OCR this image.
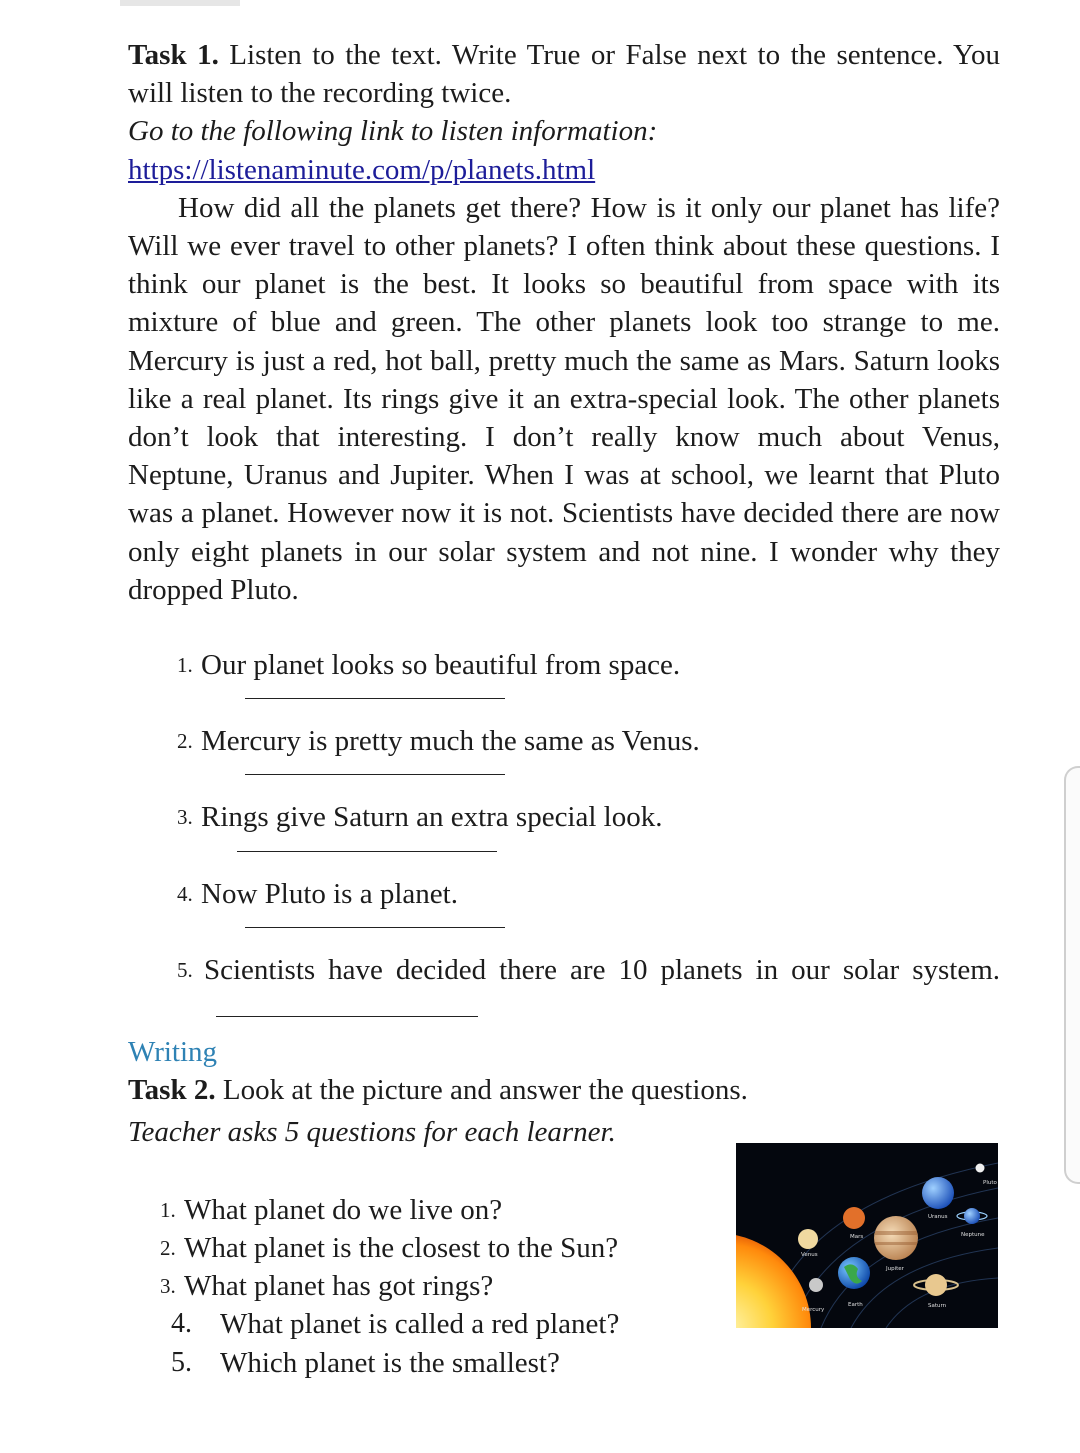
Task 1. Listen to the text. Write True or False next to the sentence. You will listen to the recording twice.

Go to the following link to listen information:

https://listenaminute.com/p/planets.html

How did all the planets get there? How is it only our planet has life? Will we ever travel to other planets? I often think about these questions. I think our planet is the best. It looks so beautiful from space with its mixture of blue and green. The other planets look too strange to me. Mercury is just a red, hot ball, pretty much the same as Mars. Saturn looks like a real planet. Its rings give it an extra-special look. The other planets don’t look that interesting. I don’t really know much about Venus, Neptune, Uranus and Jupiter. When I was at school, we learnt that Pluto was a planet. However now it is not. Scientists have decided there are now only eight planets in our solar system and not nine. I wonder why they dropped Pluto.

1. Our planet looks so beautiful from space.
2. Mercury is pretty much the same as Venus.
3. Rings give Saturn an extra special look.
4. Now Pluto is a planet.
5. Scientists have decided there are 10 planets in our solar system.

Writing

Task 2. Look at the picture and answer the questions.

Teacher asks 5 questions for each learner.

1. What planet do we live on?
2. What planet is the closest to the Sun?
3. What planet has got rings?
4. What planet is called a red planet?
5. Which planet is the smallest?
Pluto
Uranus
Neptune
Venus
Mars
Jupiter
Mercury
Earth	Saturn
